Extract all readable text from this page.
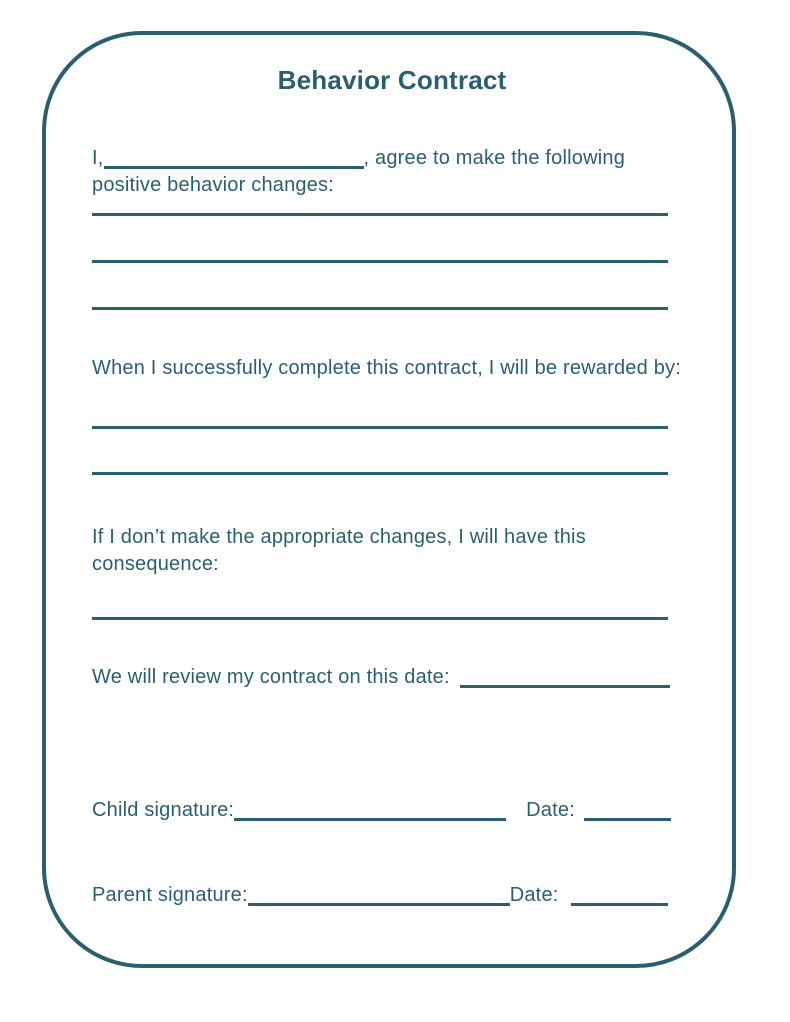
Behavior Contract

I,	, agree to make the following
positive behavior changes:

When I successfully complete this contract, I will be rewarded by:

If I don’t make the appropriate changes, I will have this
consequence:

We will review my contract on this date:
Child signature:	Date:
Parent signature:	Date:
